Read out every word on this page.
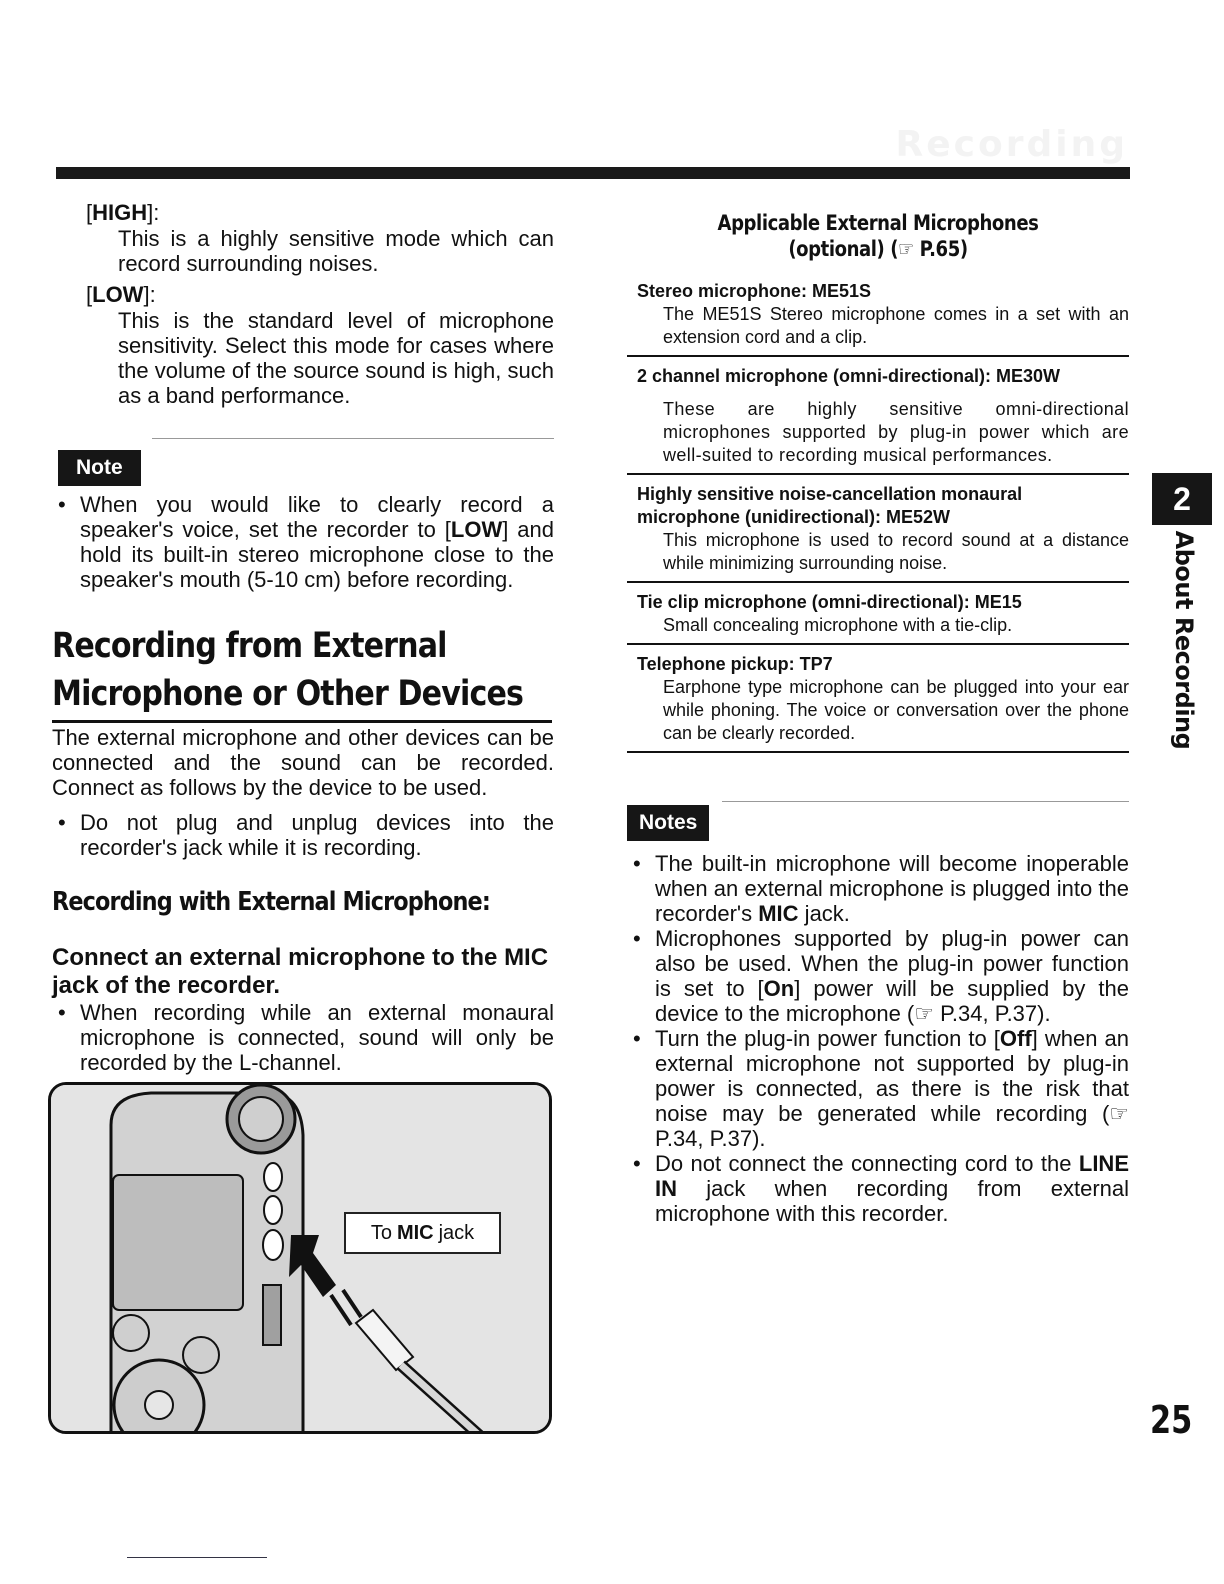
Recording
[HIGH]:
This is a highly sensitive mode which can record surrounding noises.
[LOW]:
This is the standard level of microphone sensitivity. Select this mode for cases where the volume of the source sound is high, such as a band performance.
Note
• When you would like to clearly record a speaker's voice, set the recorder to [LOW] and hold its built-in stereo microphone close to the speaker's mouth (5-10 cm) before recording.
Recording from External
Microphone or Other Devices
The external microphone and other devices can be connected and the sound can be recorded. Connect as follows by the device to be used.
• Do not plug and unplug devices into the recorder's jack while it is recording.
Recording with External Microphone:
Connect an external microphone to the MIC jack of the recorder.
• When recording while an external monaural microphone is connected, sound will only be recorded by the L-channel.
To MIC jack
Applicable External Microphones
(optional) (☞ P.65)
Stereo microphone: ME51S
The ME51S Stereo microphone comes in a set with an extension cord and a clip.
2 channel microphone (omni-directional): ME30W
These are highly sensitive omni-directional microphones supported by plug-in power which are well-suited to recording musical performances.
Highly sensitive noise-cancellation monaural microphone (unidirectional): ME52W
This microphone is used to record sound at a distance while minimizing surrounding noise.
Tie clip microphone (omni-directional): ME15
Small concealing microphone with a tie-clip.
Telephone pickup: TP7
Earphone type microphone can be plugged into your ear while phoning. The voice or conversation over the phone can be clearly recorded.
Notes
• The built-in microphone will become inoperable when an external microphone is plugged into the recorder's MIC jack.
• Microphones supported by plug-in power can also be used. When the plug-in power function is set to [On] power will be supplied by the device to the microphone (☞ P.34, P.37).
• Turn the plug-in power function to [Off] when an external microphone not supported by plug-in power is connected, as there is the risk that noise may be generated while recording (☞ P.34, P.37).
• Do not connect the connecting cord to the LINE IN jack when recording from external microphone with this recorder.
2
About Recording
25
